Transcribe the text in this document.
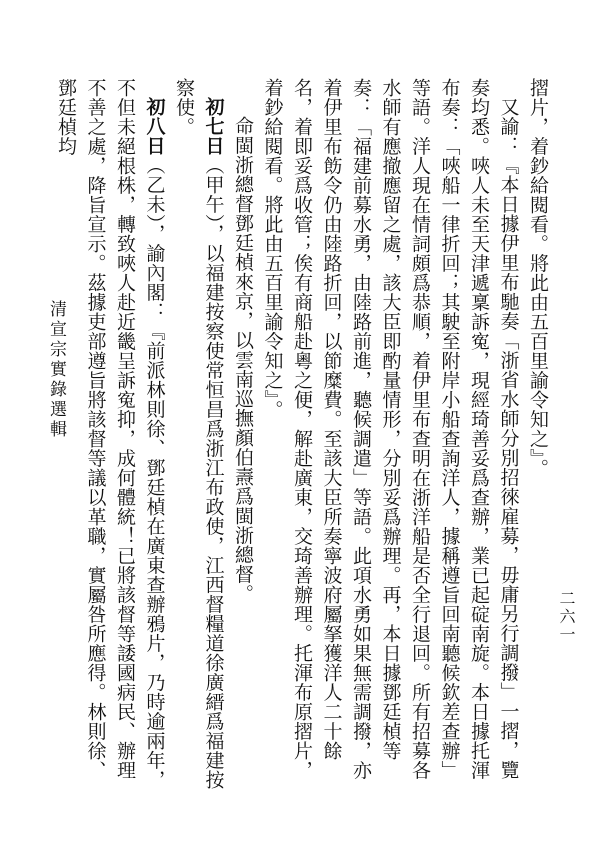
摺片，着鈔給閱看。將此由五百里諭令知之』。

又諭：『本日據伊里布馳奏「浙省水師分別招徠雇募，毋庸另行調撥」一摺，覽奏均悉。唊人未至天津遞稟訴寃，現經琦善妥爲查辦，業已起碇南旋。本日據托渾布奏：「唊船一律折回；其駛至附岸小船查詢洋人，據稱遵旨回南聽候欽差查辦」等語。洋人現在情詞頗爲恭順，着伊里布查明在浙洋船是否全行退回。所有招募各水師有應撤應留之處，該大臣即酌量情形，分別妥爲辦理。再，本日據鄧廷楨等奏：「福建前募水勇，由陸路前進，聽候調遣」等語。此項水勇如果無需調撥，亦着伊里布飭令仍由陸路折回，以節糜費。至該大臣所奏寧波府屬拏獲洋人二十餘名，着即妥爲收管；俟有商船赴粵之便，解赴廣東，交琦善辦理。托渾布原摺片，着鈔給閱看。將此由五百里諭令知之』。

命閩浙總督鄧廷楨來京，以雲南巡撫顏伯燾爲閩浙總督。

初七日（甲午），以福建按察使常恒昌爲浙江布政使，江西督糧道徐廣縉爲福建按察使。

初八日（乙未），諭內閣：『前派林則徐、鄧廷楨在廣東查辦鴉片，乃時逾兩年，不但未絕根株，轉致唊人赴近畿呈訴寃抑，成何體統！已將該督等諉國病民、辦理不善之處，降旨宣示。茲據吏部遵旨將該督等議以革職，實屬咎所應得。林則徐、鄧廷楨均

清宣宗實錄選輯
二六一
